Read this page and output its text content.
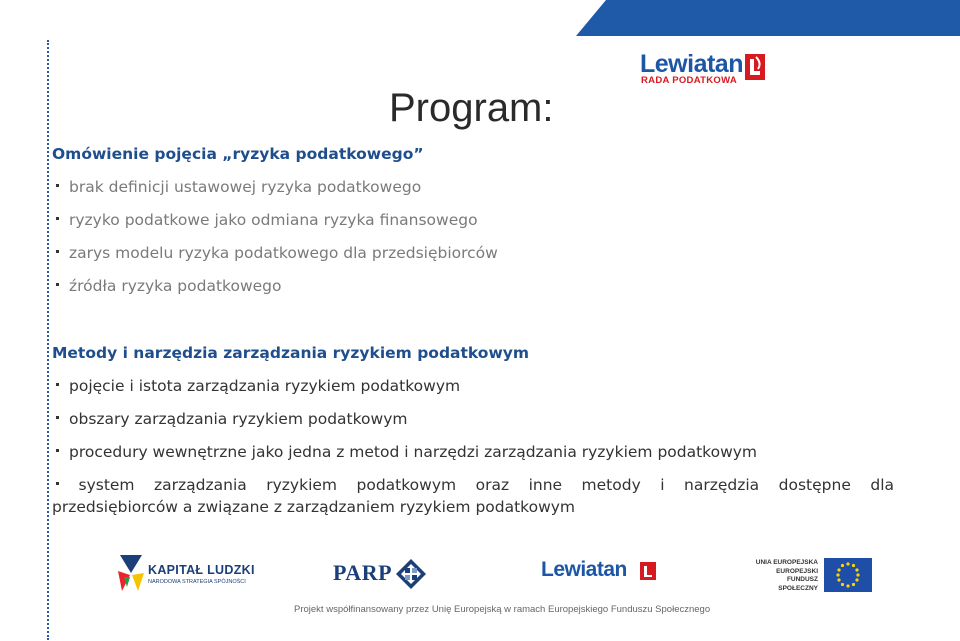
Lewiatan
RADA PODATKOWA
Program:
Omówienie pojęcia „ryzyka podatkowego”
brak definicji ustawowej ryzyka podatkowego
ryzyko podatkowe jako odmiana ryzyka finansowego
zarys modelu ryzyka podatkowego dla przedsiębiorców
źródła ryzyka podatkowego
Metody i narzędzia zarządzania ryzykiem podatkowym
pojęcie i istota zarządzania ryzykiem podatkowym
obszary zarządzania ryzykiem podatkowym
procedury wewnętrzne jako jedna z metod i narzędzi zarządzania ryzykiem podatkowym
system zarządzania ryzykiem podatkowym oraz inne metody i narzędzia dostępne dla
przedsiębiorców a związane z zarządzaniem ryzykiem podatkowym
KAPITAŁ LUDZKI
NARODOWA STRATEGIA SPÓJNOŚCI	PARP	Lewiatan	UNIA EUROPEJSKA EUROPEJSKI FUNDUSZ SPOŁECZNY
Projekt współfinansowany przez Unię Europejską w ramach Europejskiego Funduszu Społecznego
